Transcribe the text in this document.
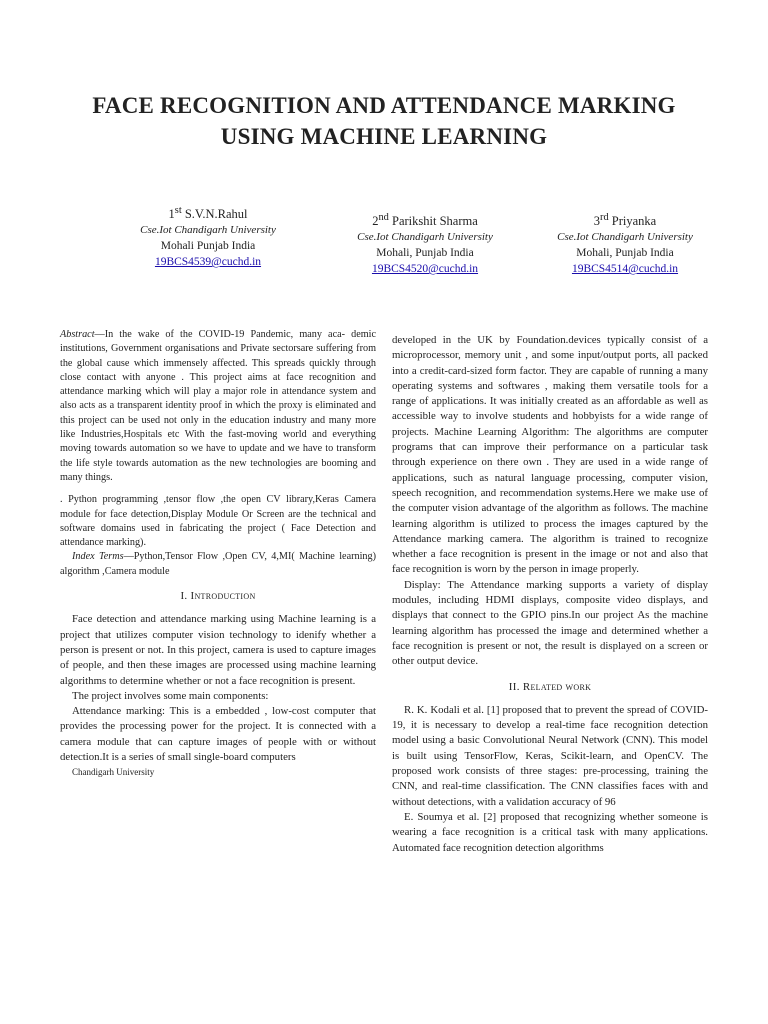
FACE RECOGNITION AND ATTENDANCE MARKING
USING MACHINE LEARNING
1st S.V.N.Rahul
Cse.Iot Chandigarh University
Mohali Punjab India
19BCS4539@cuchd.in
2nd Parikshit Sharma
Cse.Iot Chandigarh University
Mohali, Punjab India
19BCS4520@cuchd.in
3rd Priyanka
Cse.Iot Chandigarh University
Mohali, Punjab India
19BCS4514@cuchd.in

Abstract—In the wake of the COVID-19 Pandemic, many aca- demic institutions, Government organisations and Private sectorsare suffering from the global cause which immensely affected. This spreads quickly through close contact with anyone . This project aims at face recognition and attendance marking which will play a major role in attendance system and also acts as a transparent identity proof in which the proxy is eliminated and this project can be used not only in the education industry and many more like Industries,Hospitals etc With the fast-moving world and everything moving towards automation so we have to update and we have to transform the life style towards automation as the new technologies are booming and many things.

. Python programming ,tensor flow ,the open CV library,Keras Camera module for face detection,Display Module Or Screen are the technical and software domains used in fabricating the project ( Face Detection and attendance marking).

Index Terms—Python,Tensor Flow ,Open CV, 4,MI( Machine learning) algorithm ,Camera module

I. Introduction

Face detection and attendance marking using Machine learning is a project that utilizes computer vision technology to idenify whether a person is present or not. In this project, camera is used to capture images of people, and then these images are processed using machine learning algorithms to determine whether or not a face recognition is present.

The project involves some main components:

Attendance marking: This is a embedded , low-cost computer that provides the processing power for the project. It is connected with a camera module that can capture images of people with or without detection.It is a series of small single-board computers

Chandigarh University

developed in the UK by Foundation.devices typically consist of a microprocessor, memory unit , and some input/output ports, all packed into a credit-card-sized form factor. They are capable of running a many operating systems and softwares , making them versatile tools for a range of applications. It was initially created as an affordable as well as accessible way to involve students and hobbyists for a wide range of projects. Machine Learning Algorithm: The algorithms are computer programs that can improve their performance on a particular task through experience on there own . They are used in a wide range of applications, such as natural language processing, computer vision, speech recognition, and recommendation systems.Here we make use of the computer vision advantage of the algorithm as follows. The machine learning algorithm is utilized to process the images captured by the Attendance marking camera. The algorithm is trained to recognize whether a face recognition is present in the image or not and also that face recognition is worn by the person in image properly.

Display: The Attendance marking supports a variety of display modules, including HDMI displays, composite video displays, and displays that connect to the GPIO pins.In our project As the machine learning algorithm has processed the image and determined whether a face recognition is present or not, the result is displayed on a screen or other output device.

II. Related work

R. K. Kodali et al. [1] proposed that to prevent the spread of COVID-19, it is necessary to develop a real-time face recognition detection model using a basic Convolutional Neural Network (CNN). This model is built using TensorFlow, Keras, Scikit-learn, and OpenCV. The proposed work consists of three stages: pre-processing, training the CNN, and real-time classification. The CNN classifies faces with and without detections, with a validation accuracy of 96

E. Soumya et al. [2] proposed that recognizing whether someone is wearing a face recognition is a critical task with many applications. Automated face recognition detection algorithms
